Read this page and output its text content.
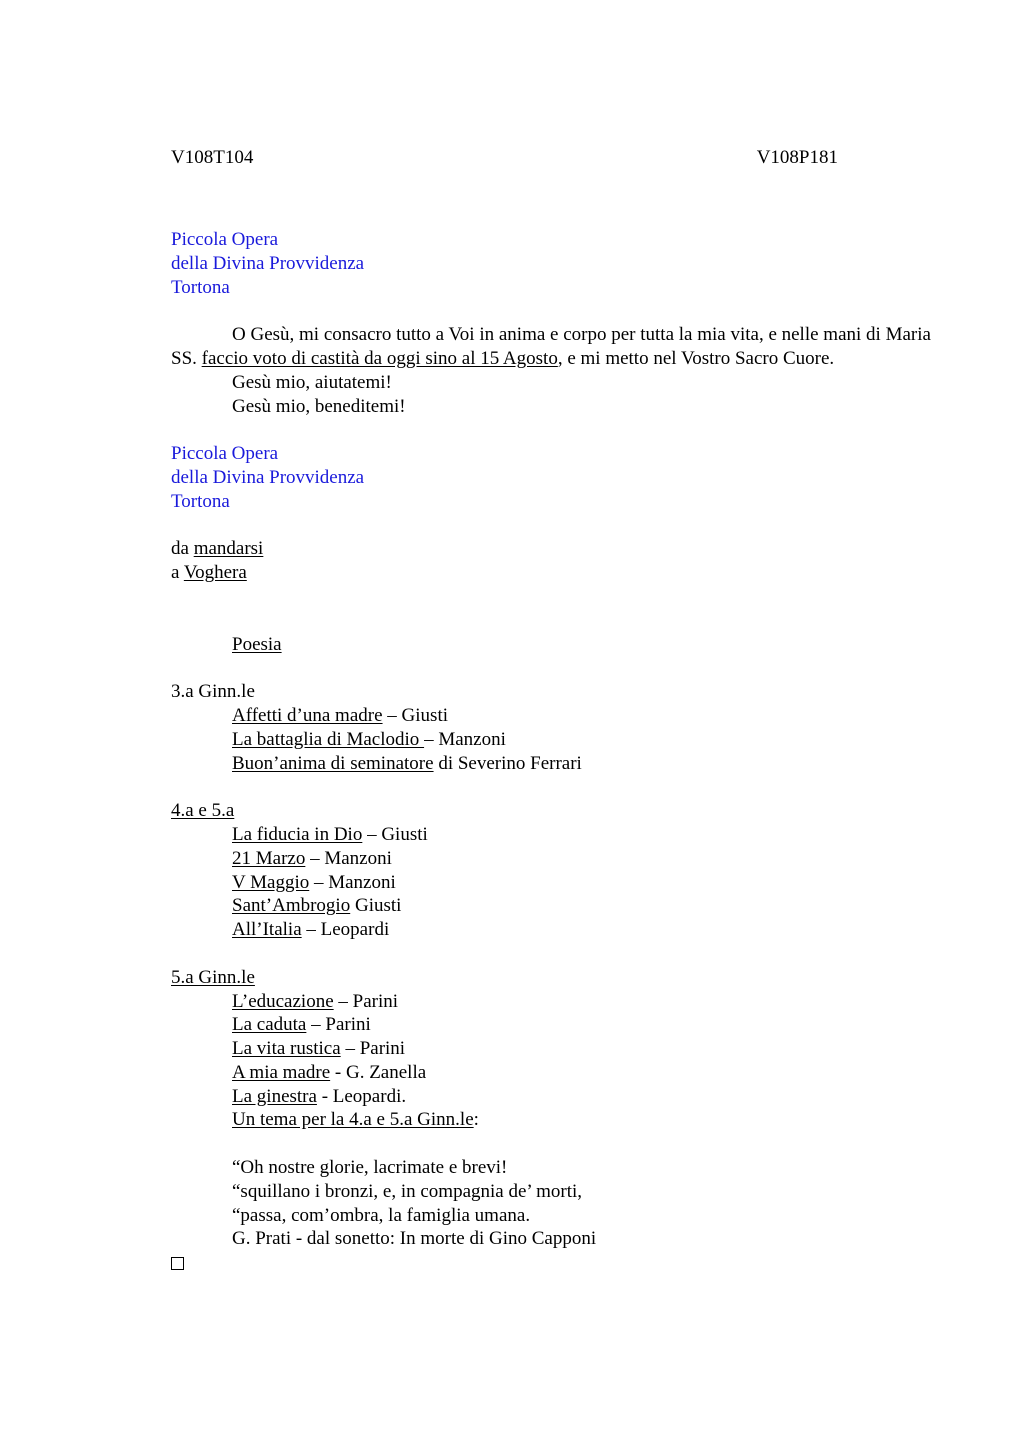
V108T104	V108P181
Piccola Opera
della Divina Provvidenza
Tortona

O Gesù, mi consacro tutto a Voi in anima e corpo per tutta la mia vita, e nelle mani di Maria SS. faccio voto di castità da oggi sino al 15 Agosto, e mi metto nel Vostro Sacro Cuore.

Gesù mio, aiutatemi!
Gesù mio, beneditemi!
Piccola Opera
della Divina Provvidenza
Tortona
da mandarsi
a Voghera
Poesia
3.a Ginn.le
Affetti d’una madre – Giusti
La battaglia di Maclodio – Manzoni
Buon’anima di seminatore di Severino Ferrari
4.a e 5.a
La fiducia in Dio – Giusti
21 Marzo – Manzoni
V Maggio – Manzoni
Sant’Ambrogio Giusti
All’Italia – Leopardi
5.a Ginn.le
L’educazione – Parini
La caduta – Parini
La vita rustica – Parini
A mia madre - G. Zanella
La ginestra - Leopardi.
Un tema per la 4.a e 5.a Ginn.le:
“Oh nostre glorie, lacrimate e brevi!
“squillano i bronzi, e, in compagnia de’ morti,
“passa, com’ombra, la famiglia umana.
G. Prati - dal sonetto: In morte di Gino Capponi
